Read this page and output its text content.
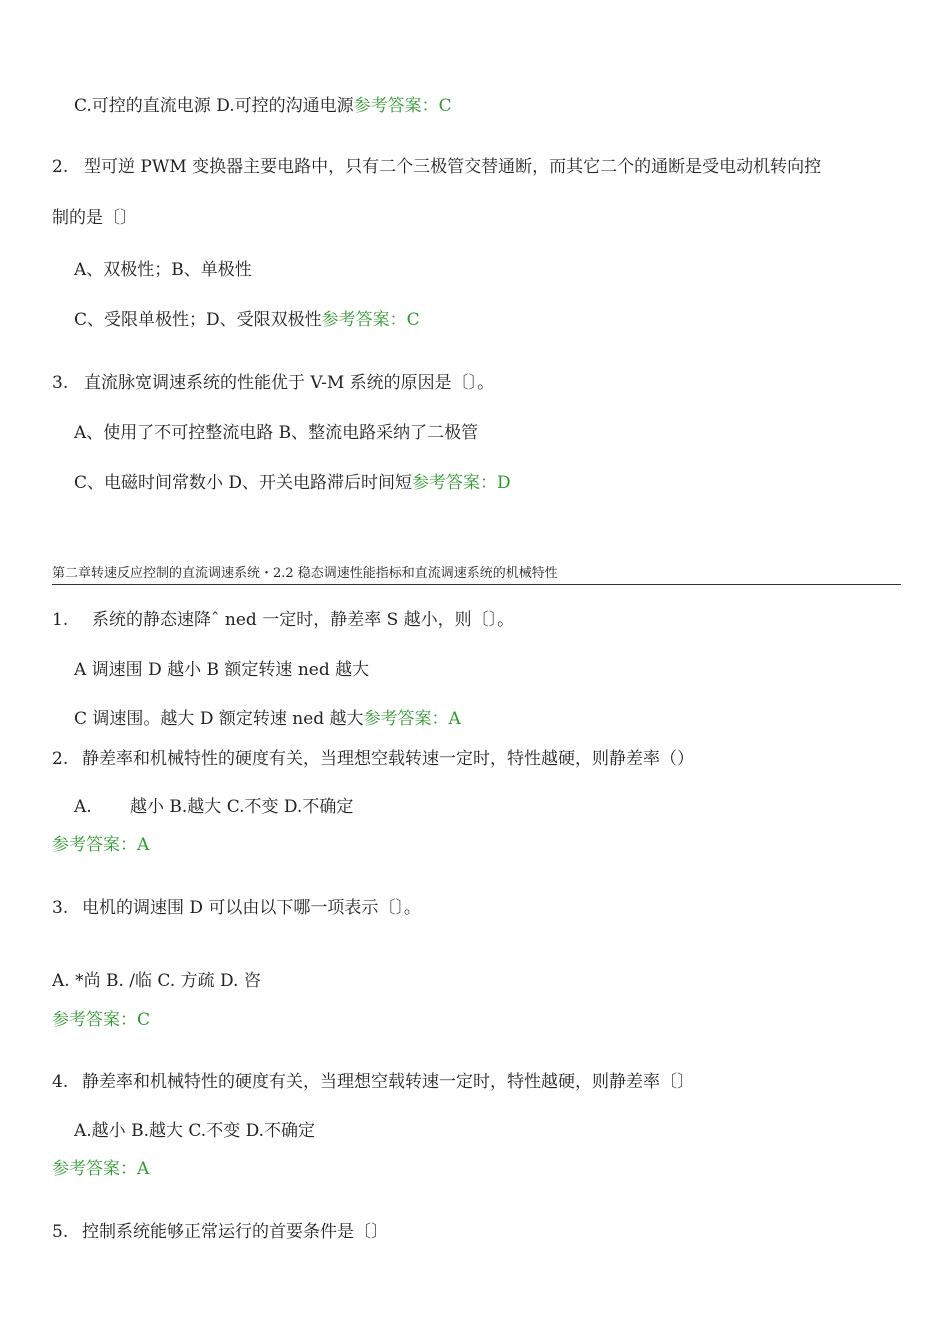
C.可控的直流电源 D.可控的沟通电源参考答案：C
2. 型可逆 PWM 变换器主要电路中，只有二个三极管交替通断，而其它二个的通断是受电动机转向控
制的是〔〕
A、双极性；B、单极性
C、受限单极性；D、受限双极性参考答案：C
3. 直流脉宽调速系统的性能优于 V-M 系统的原因是〔〕。
A、使用了不可控整流电路 B、整流电路采纳了二极管
C、电磁时间常数小 D、开关电路滞后时间短参考答案：D
第二章转速反应控制的直流调速系统・2.2 稳态调速性能指标和直流调速系统的机械特性
1. 系统的静态速降ˆ ned 一定时，静差率 S 越小，则〔〕。
A 调速围 D 越小 B 额定转速 ned 越大
C 调速围。越大 D 额定转速 ned 越大参考答案：A
2. 静差率和机械特性的硬度有关，当理想空载转速一定时，特性越硬，则静差率（）
A. 越小 B.越大 C.不变 D.不确定
参考答案：A
3. 电机的调速围 D 可以由以下哪一项表示〔〕。
A. *尚 B. /临 C. 方疏 D. 咨
参考答案：C
4. 静差率和机械特性的硬度有关，当理想空载转速一定时，特性越硬，则静差率〔〕
A.越小 B.越大 C.不变 D.不确定
参考答案：A
5. 控制系统能够正常运行的首要条件是〔〕
